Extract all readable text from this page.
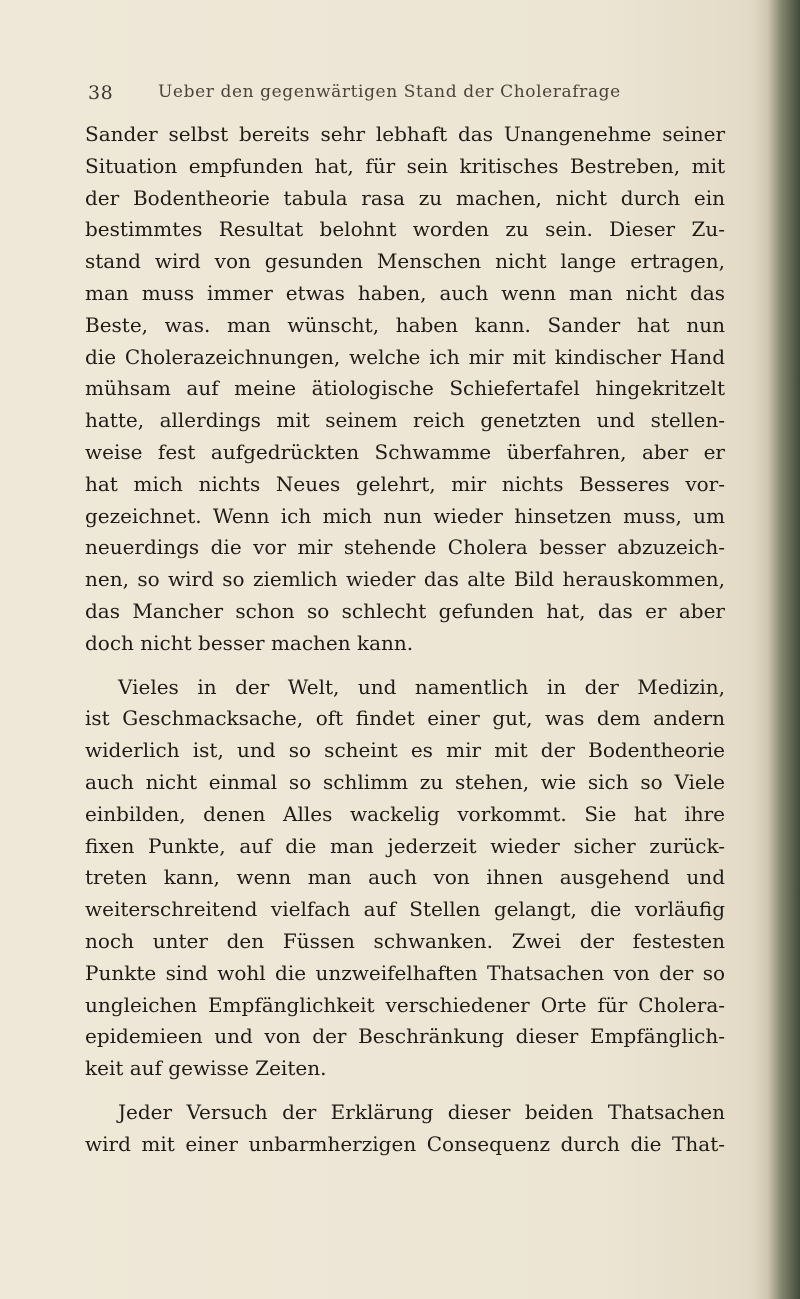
38	Ueber den gegenwärtigen Stand der Cholerafrage
Sander selbst bereits sehr lebhaft das Unangenehme seiner
Situation empfunden hat, für sein kritisches Bestreben, mit
der Bodentheorie tabula rasa zu machen, nicht durch ein
bestimmtes Resultat belohnt worden zu sein. Dieser Zu-
stand wird von gesunden Menschen nicht lange ertragen,
man muss immer etwas haben, auch wenn man nicht das
Beste, was. man wünscht, haben kann. Sander hat nun
die Cholerazeichnungen, welche ich mir mit kindischer Hand
mühsam auf meine ätiologische Schiefertafel hingekritzelt
hatte, allerdings mit seinem reich genetzten und stellen-
weise fest aufgedrückten Schwamme überfahren, aber er
hat mich nichts Neues gelehrt, mir nichts Besseres vor-
gezeichnet. Wenn ich mich nun wieder hinsetzen muss, um
neuerdings die vor mir stehende Cholera besser abzuzeich-
nen, so wird so ziemlich wieder das alte Bild herauskommen,
das Mancher schon so schlecht gefunden hat, das er aber
doch nicht besser machen kann.
Vieles in der Welt, und namentlich in der Medizin,
ist Geschmacksache, oft findet einer gut, was dem andern
widerlich ist, und so scheint es mir mit der Bodentheorie
auch nicht einmal so schlimm zu stehen, wie sich so Viele
einbilden, denen Alles wackelig vorkommt. Sie hat ihre
fixen Punkte, auf die man jederzeit wieder sicher zurück-
treten kann, wenn man auch von ihnen ausgehend und
weiterschreitend vielfach auf Stellen gelangt, die vorläufig
noch unter den Füssen schwanken. Zwei der festesten
Punkte sind wohl die unzweifelhaften Thatsachen von der so
ungleichen Empfänglichkeit verschiedener Orte für Cholera-
epidemieen und von der Beschränkung dieser Empfänglich-
keit auf gewisse Zeiten.
Jeder Versuch der Erklärung dieser beiden Thatsachen
wird mit einer unbarmherzigen Consequenz durch die That-
